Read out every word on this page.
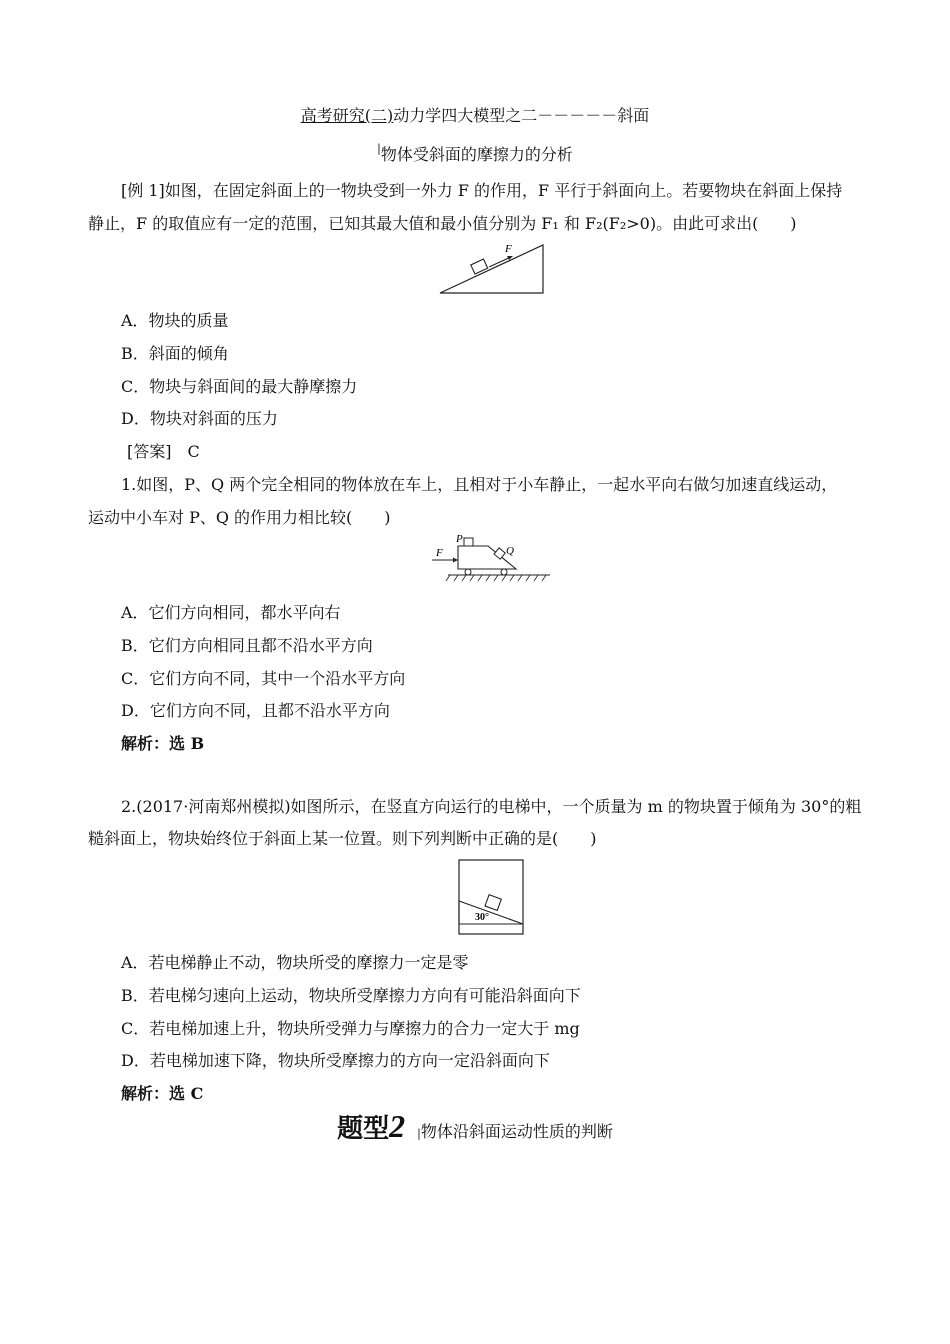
高考研究(二)动力学四大模型之二－－－－－斜面
|物体受斜面的摩擦力的分析
[例 1]如图，在固定斜面上的一物块受到一外力 F 的作用，F 平行于斜面向上。若要物块在斜面上保持
静止，F 的取值应有一定的范围，已知其最大值和最小值分别为 F₁ 和 F₂(F₂>0)。由此可求出(　　)
F
A．物块的质量
B．斜面的倾角
C．物块与斜面间的最大静摩擦力
D．物块对斜面的压力
[答案]　C
1.如图，P、Q 两个完全相同的物体放在车上，且相对于小车静止，一起水平向右做匀加速直线运动，
运动中小车对 P、Q 的作用力相比较(　　)
P
Q
F
A．它们方向相同，都水平向右
B．它们方向相同且都不沿水平方向
C．它们方向不同，其中一个沿水平方向
D．它们方向不同，且都不沿水平方向
解析：选 B
2.(2017·河南郑州模拟)如图所示，在竖直方向运行的电梯中，一个质量为 m 的物块置于倾角为 30°的粗
糙斜面上，物块始终位于斜面上某一位置。则下列判断中正确的是(　　)
30°
A．若电梯静止不动，物块所受的摩擦力一定是零
B．若电梯匀速向上运动，物块所受摩擦力方向有可能沿斜面向下
C．若电梯加速上升，物块所受弹力与摩擦力的合力一定大于 mg
D．若电梯加速下降，物块所受摩擦力的方向一定沿斜面向下
解析：选 C
题型2 |物体沿斜面运动性质的判断
